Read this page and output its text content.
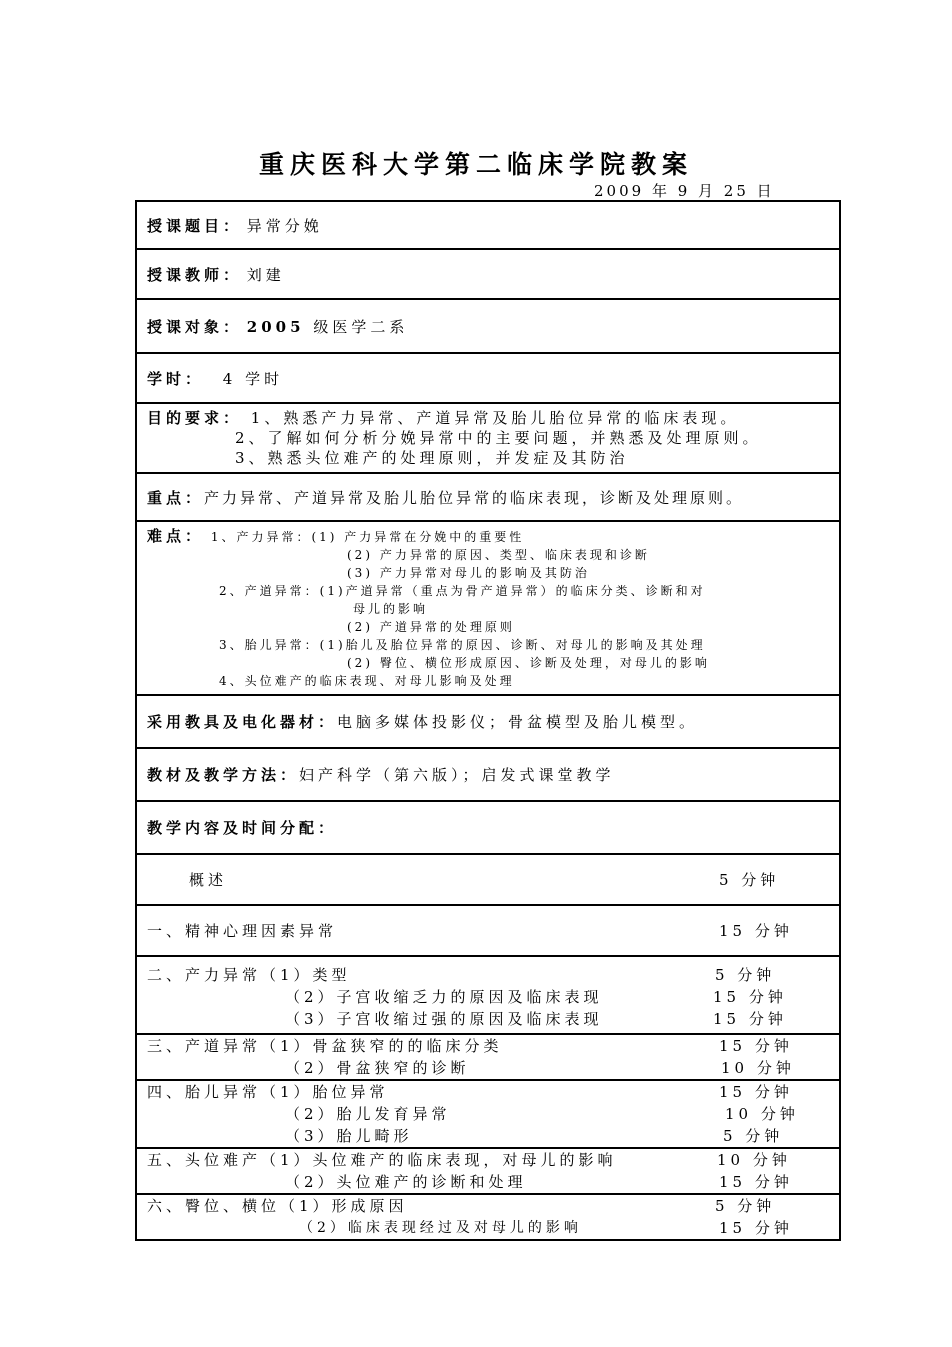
重庆医科大学第二临床学院教案
2009 年 9 月 25 日
授课题目： 异常分娩
授课教师： 刘建
授课对象： 2005 级医学二系
学时： 4 学时

目的要求： 1、熟悉产力异常、产道异常及胎儿胎位异常的临床表现。
2、了解如何分析分娩异常中的主要问题，并熟悉及处理原则。
3、熟悉头位难产的处理原则，并发症及其防治

重点：产力异常、产道异常及胎儿胎位异常的临床表现，诊断及处理原则。

难点： 1、产力异常：(1) 产力异常在分娩中的重要性
(2) 产力异常的原因、类型、临床表现和诊断
(3) 产力异常对母儿的影响及其防治
2、产道异常：(1)产道异常（重点为骨产道异常）的临床分类、诊断和对
母儿的影响
(2) 产道异常的处理原则
3、胎儿异常：(1)胎儿及胎位异常的原因、诊断、对母儿的影响及其处理
(2) 臀位、横位形成原因、诊断及处理，对母儿的影响
4、头位难产的临床表现、对母儿影响及处理

采用教具及电化器材：电脑多媒体投影仪；骨盆模型及胎儿模型。
教材及教学方法：妇产科学（第六版）；启发式课堂教学
教学内容及时间分配：

概述	5 分钟

一、精神心理因素异常	15 分钟

二、产力异常（1）类型	5 分钟
（2）子宫收缩乏力的原因及临床表现	15 分钟
（3）子宫收缩过强的原因及临床表现	15 分钟

三、产道异常（1）骨盆狭窄的的临床分类	15 分钟
（2）骨盆狭窄的诊断	10 分钟

四、胎儿异常（1）胎位异常	15 分钟
（2）胎儿发育异常	10 分钟
（3）胎儿畸形	5 分钟

五、头位难产（1）头位难产的临床表现，对母儿的影响	10 分钟
（2）头位难产的诊断和处理	15 分钟

六、臀位、横位（1）形成原因	5 分钟
（2）临床表现经过及对母儿的影响	15 分钟
